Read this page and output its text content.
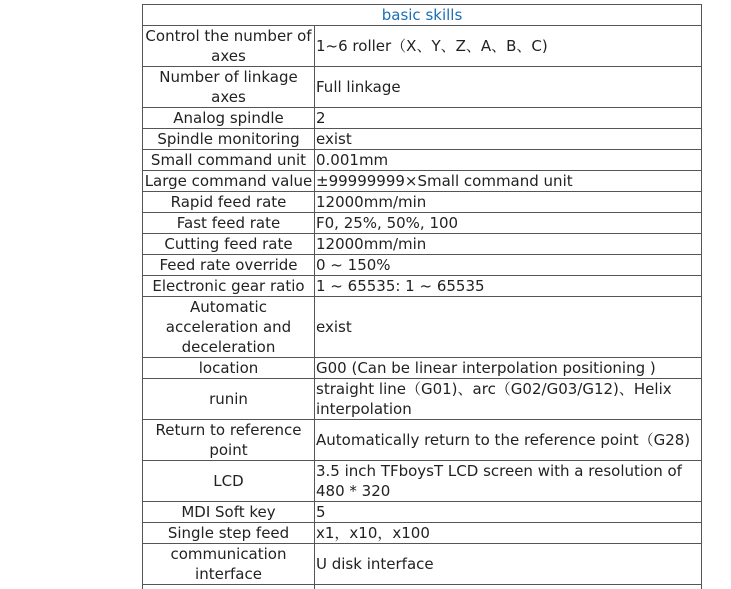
basic skills	
Control the number of axes	1~6 roller（X、Y、Z、A、B、C)
Number of linkage axes	Full linkage
Analog spindle	2
Spindle monitoring	exist
Small command unit	0.001mm
Large command value	±99999999×Small command unit
Rapid feed rate	12000mm/min
Fast feed rate	F0, 25%, 50%, 100
Cutting feed rate	12000mm/min
Feed rate override	0 ~ 150%
Electronic gear ratio	1 ~ 65535: 1 ~ 65535
Automatic acceleration and deceleration	exist
location	G00 (Can be linear interpolation positioning )
runin	straight line（G01)、arc（G02/G03/G12)、Helix interpolation
Return to reference point	Automatically return to the reference point（G28)
LCD	3.5 inch TFboysT LCD screen with a resolution of 480 * 320
MDI Soft key	5
Single step feed	x1，x10，x100
communication interface	U disk interface
